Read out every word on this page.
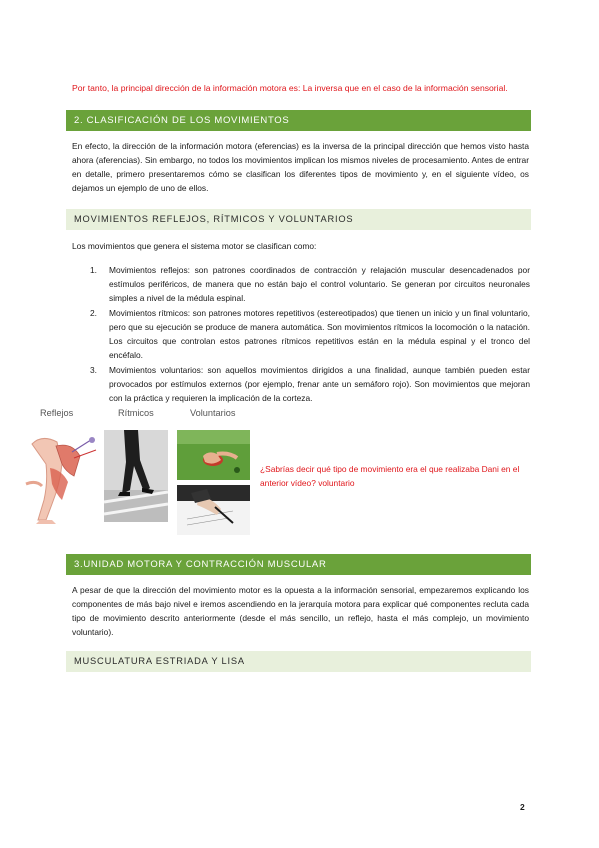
Por tanto, la principal dirección de la información motora es: La inversa que en el caso de la información sensorial.

2. CLASIFICACIÓN DE LOS MOVIMIENTOS

En efecto, la dirección de la información motora (eferencias) es la inversa de la principal dirección que hemos visto hasta ahora (aferencias). Sin embargo, no todos los movimientos implican los mismos niveles de procesamiento. Antes de entrar en detalle, primero presentaremos cómo se clasifican los diferentes tipos de movimiento y, en el siguiente vídeo, os dejamos un ejemplo de uno de ellos.

MOVIMIENTOS REFLEJOS, RÍTMICOS Y VOLUNTARIOS

Los movimientos que genera el sistema motor se clasifican como:

1. Movimientos reflejos: son patrones coordinados de contracción y relajación muscular desencadenados por estímulos periféricos, de manera que no están bajo el control voluntario. Se generan por circuitos neuronales simples a nivel de la médula espinal.
2. Movimientos rítmicos: son patrones motores repetitivos (estereotipados) que tienen un inicio y un final voluntario, pero que su ejecución se produce de manera automática. Son movimientos rítmicos la locomoción o la natación. Los circuitos que controlan estos patrones rítmicos repetitivos están en la médula espinal y el tronco del encéfalo.
3. Movimientos voluntarios: son aquellos movimientos dirigidos a una finalidad, aunque también pueden estar provocados por estímulos externos (por ejemplo, frenar ante un semáforo rojo). Son movimientos que mejoran con la práctica y requieren la implicación de la corteza.
Reflejos	Rítmicos	Voluntarios

¿Sabrías decir qué tipo de movimiento era el que realizaba Dani en el anterior vídeo? voluntario

3.UNIDAD MOTORA Y CONTRACCIÓN MUSCULAR

A pesar de que la dirección del movimiento motor es la opuesta a la información sensorial, empezaremos explicando los componentes de más bajo nivel e iremos ascendiendo en la jerarquía motora para explicar qué componentes recluta cada tipo de movimiento descrito anteriormente (desde el más sencillo, un reflejo, hasta el más complejo, un movimiento voluntario).

MUSCULATURA ESTRIADA Y LISA
2
